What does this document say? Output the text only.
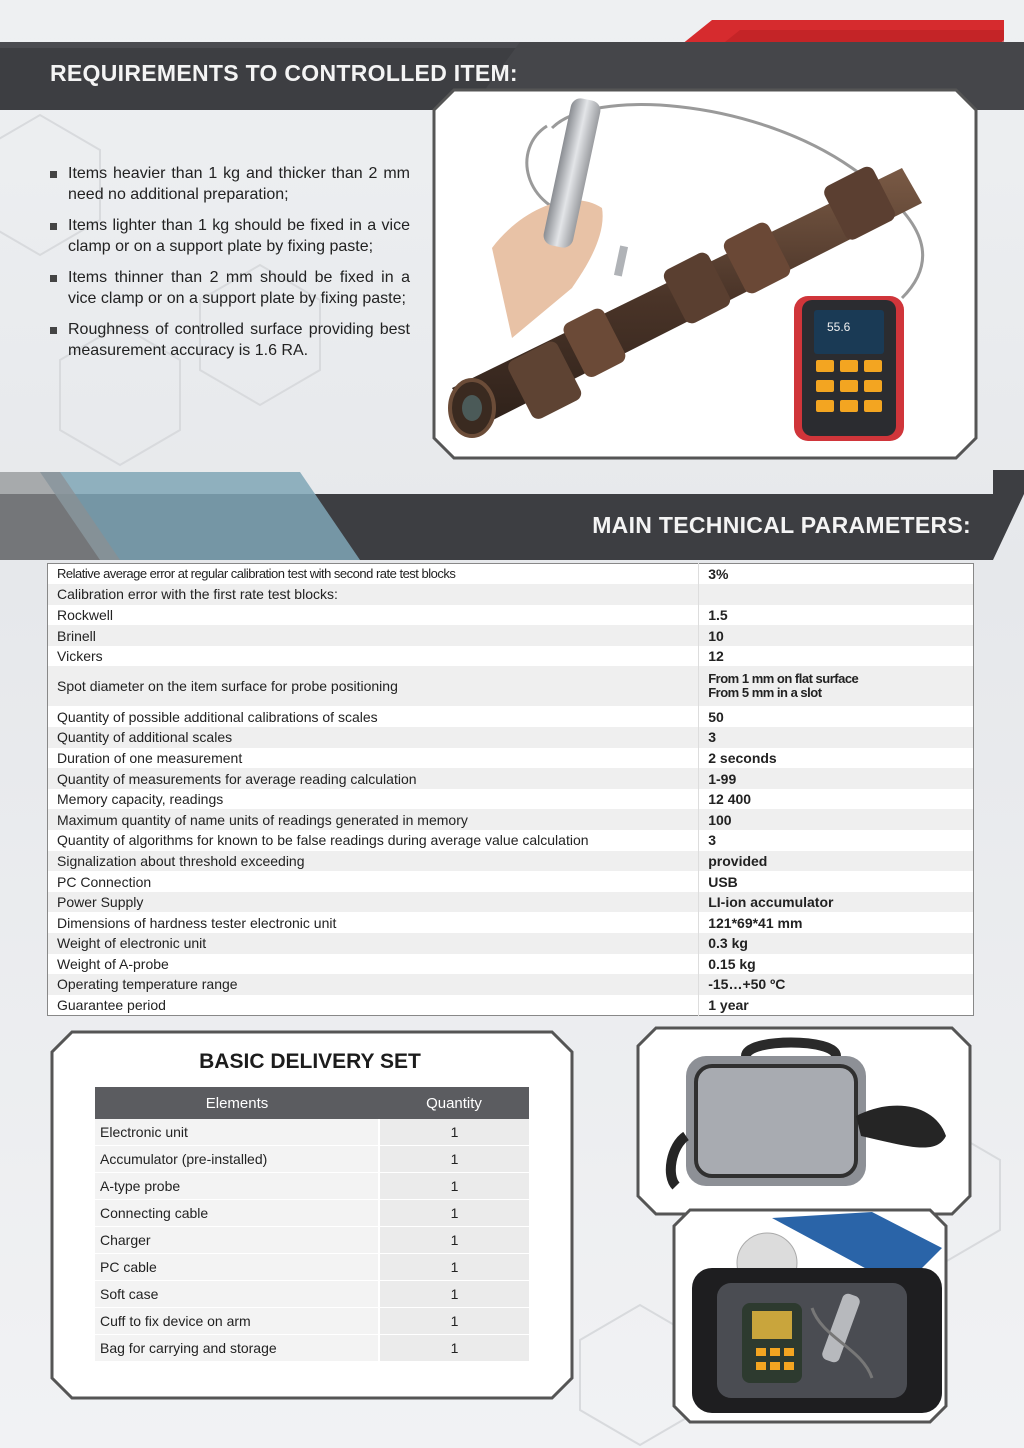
REQUIREMENTS TO CONTROLLED ITEM:
Items heavier than 1 kg and thicker than 2 mm need no additional preparation;
Items lighter than 1 kg should be fixed in a vice clamp or on a support plate by fixing paste;
Items thinner than 2 mm should be fixed in a vice clamp or on a support plate by fixing paste;
Roughness of controlled surface providing best measurement accuracy is 1.6 RA.
55.6
MAIN TECHNICAL PARAMETERS:
Relative average error at regular calibration test with second rate test blocks	3%
Calibration error with the first rate test blocks:	
Rockwell	1.5
Brinell	10
Vickers	12
Spot diameter on the item surface for probe positioning	From 1 mm on flat surface
From 5 mm in a slot

Quantity of possible additional calibrations of scales	50
Quantity of additional scales	3
Duration of one measurement	2 seconds
Quantity of measurements for average reading calculation	1-99
Memory capacity, readings	12 400
Maximum quantity of name units of readings generated in memory	100
Quantity of algorithms for known to be false readings during average value calculation	3
Signalization about threshold exceeding	provided
PC Connection	USB
Power Supply	LI-ion accumulator
Dimensions of hardness tester electronic unit	121*69*41 mm
Weight of electronic unit	0.3 kg
Weight of A-probe	0.15 kg
Operating temperature range	-15…+50 ºC
Guarantee period	1 year
BASIC DELIVERY SET
Elements	Quantity
Electronic unit	1
Accumulator (pre-installed)	1
A-type probe	1
Connecting cable	1
Charger	1
PC cable	1
Soft case	1
Cuff to fix device on arm	1
Bag for carrying and storage	1
